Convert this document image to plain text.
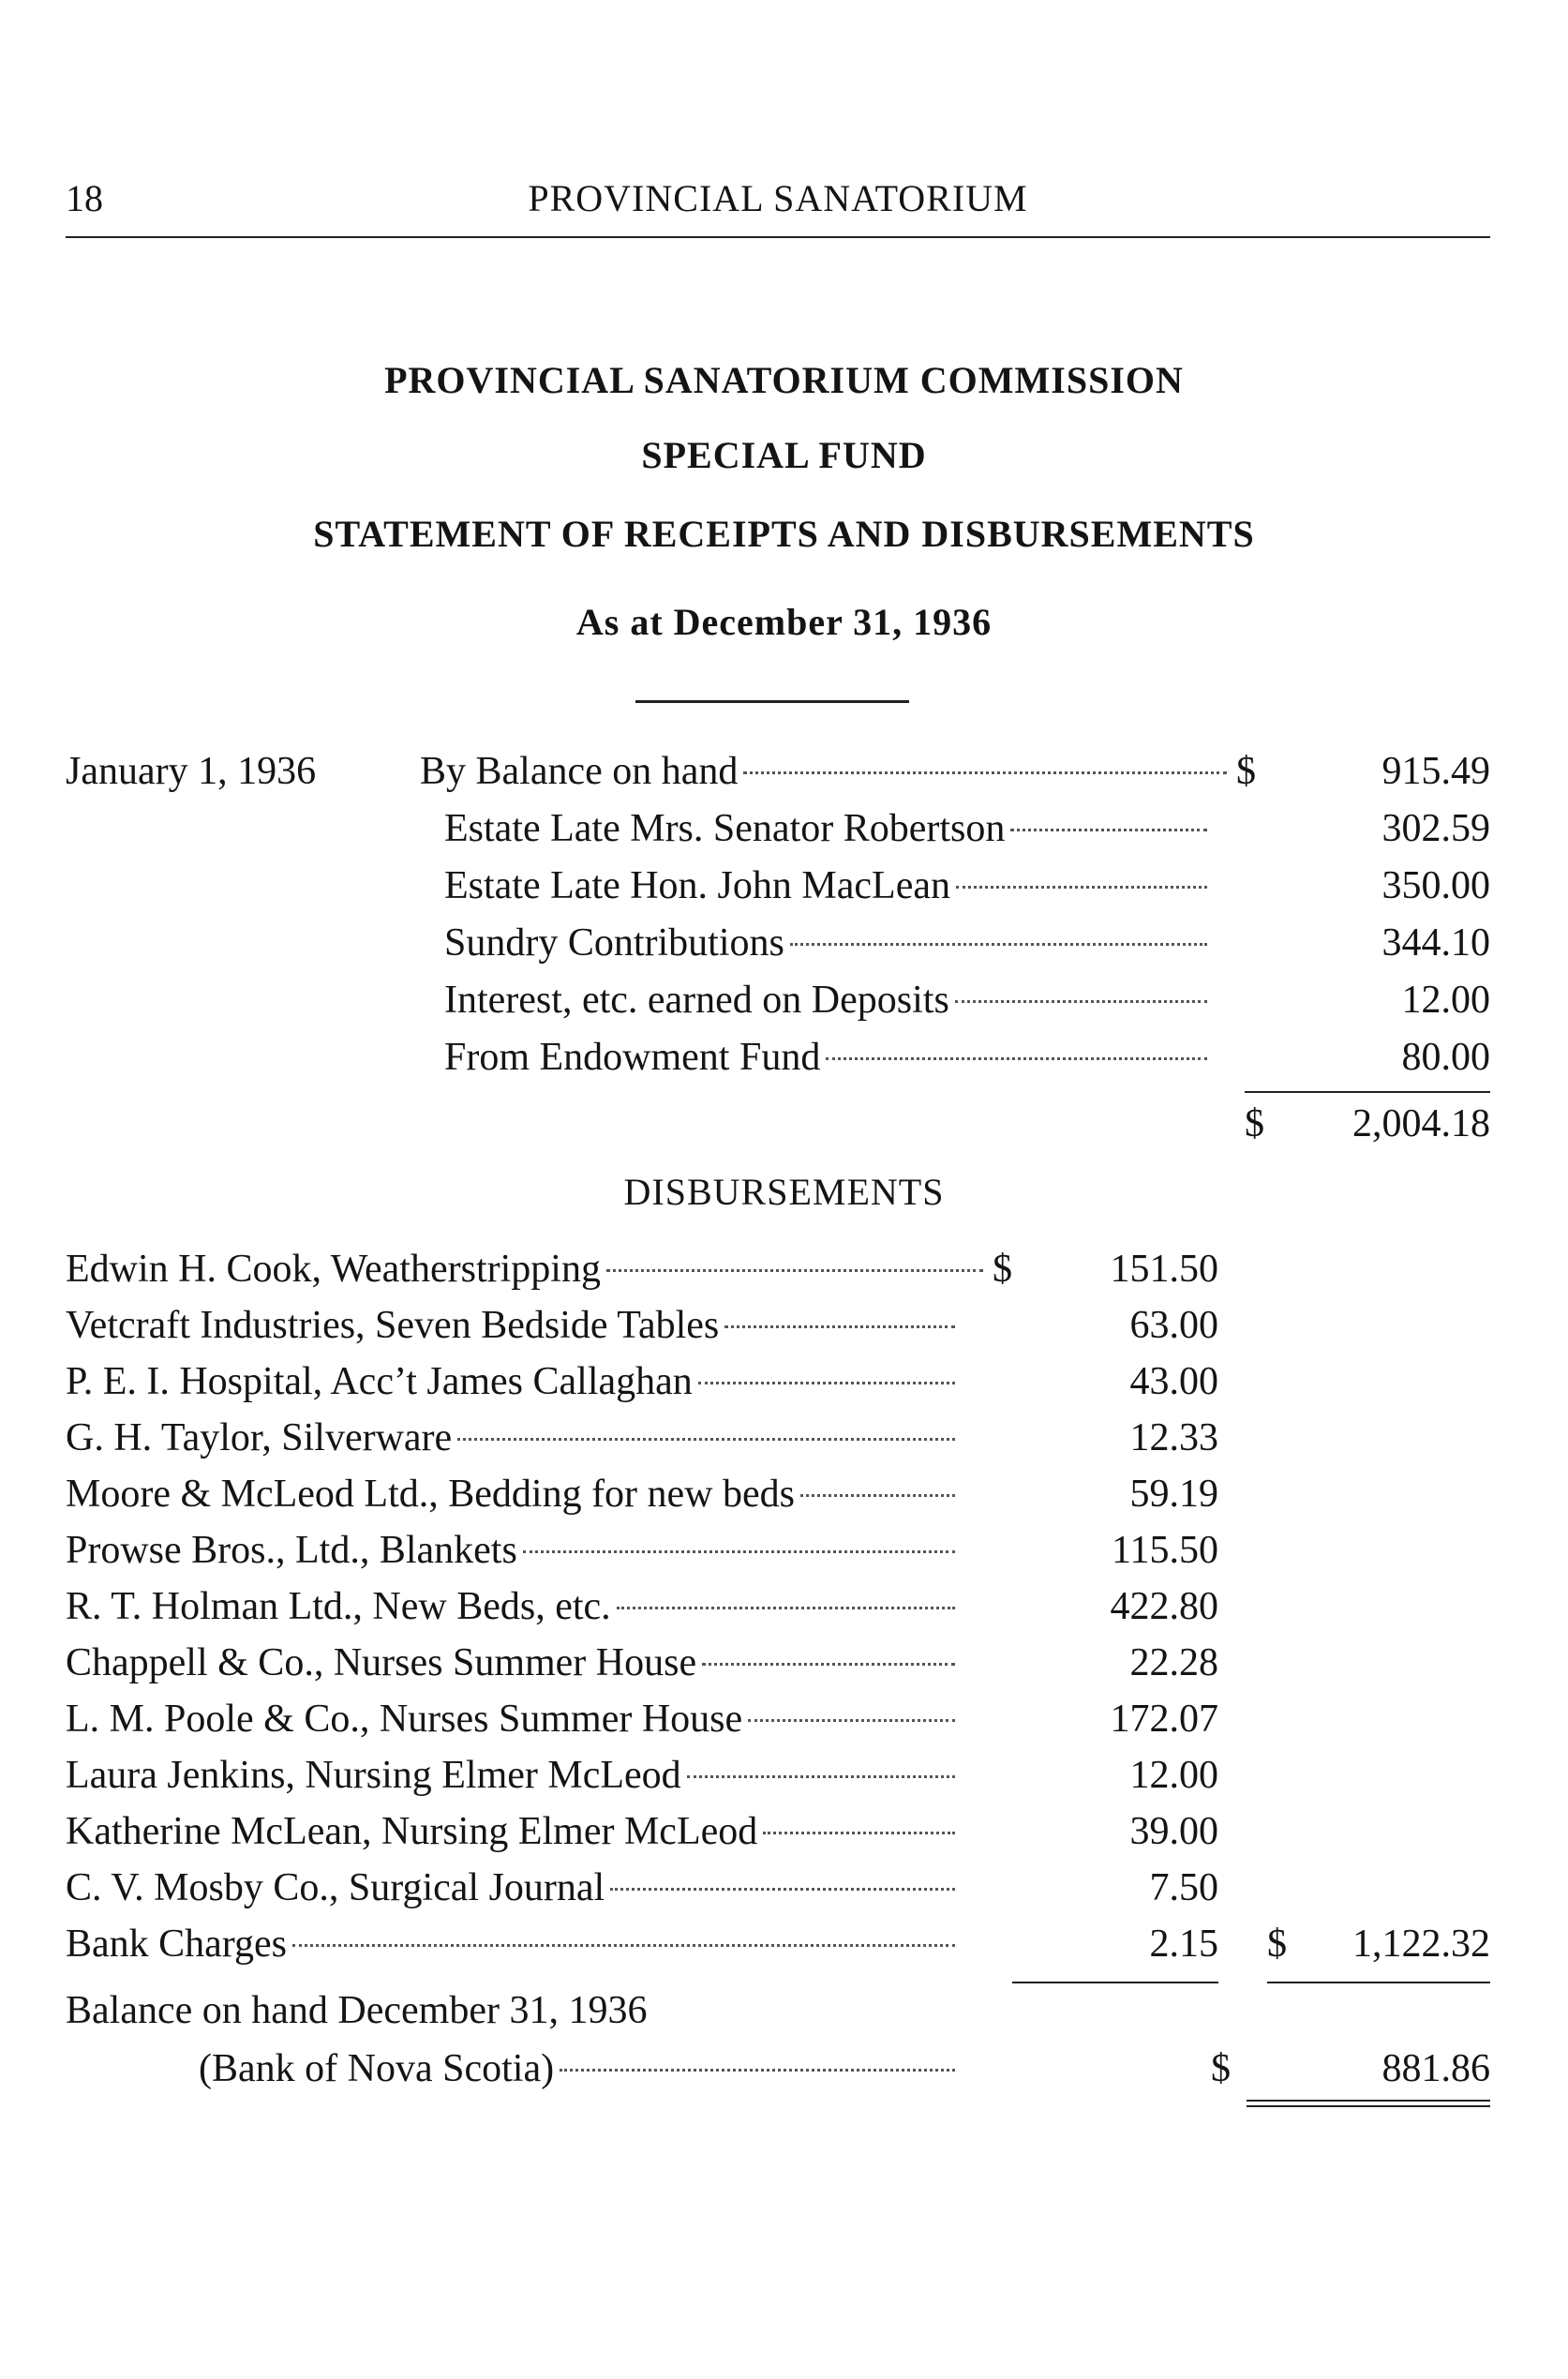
18	PROVINCIAL SANATORIUM
PROVINCIAL SANATORIUM COMMISSION
SPECIAL FUND
STATEMENT OF RECEIPTS AND DISBURSEMENTS
As at December 31, 1936
January 1, 1936	By Balance on hand	$	915.49
Estate Late Mrs. Senator Robertson	302.59
Estate Late Hon. John MacLean	350.00
Sundry Contributions	344.10
Interest, etc. earned on Deposits	12.00
From Endowment Fund	80.00
$	2,004.18
DISBURSEMENTS
Edwin H. Cook, Weatherstripping	$	151.50
Vetcraft Industries, Seven Bedside Tables	63.00
P. E. I. Hospital, Acc’t James Callaghan	43.00
G. H. Taylor, Silverware	12.33
Moore & McLeod Ltd., Bedding for new beds	59.19
Prowse Bros., Ltd., Blankets	115.50
R. T. Holman Ltd., New Beds, etc.	422.80
Chappell & Co., Nurses Summer House	22.28
L. M. Poole & Co., Nurses Summer House	172.07
Laura Jenkins, Nursing Elmer McLeod	12.00
Katherine McLean, Nursing Elmer McLeod	39.00
C. V. Mosby Co., Surgical Journal	7.50
Bank Charges	2.15 $	1,122.32
Balance on hand December 31, 1936
(Bank of Nova Scotia)	$	881.86
